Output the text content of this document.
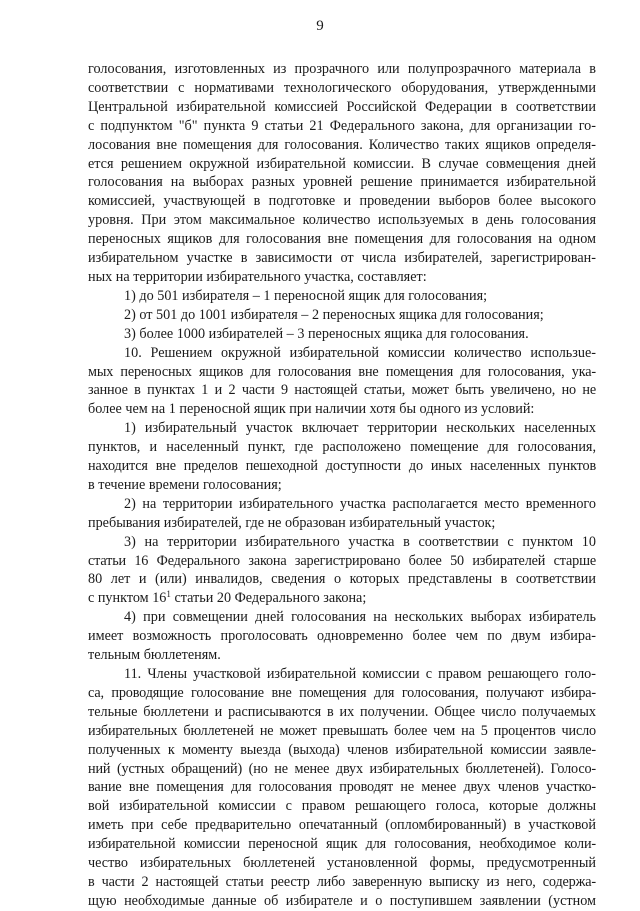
9
голосования, изготовленных из прозрачного или полупрозрачного материала в
соответствии с нормативами технологического оборудования, утвержденными
Центральной избирательной комиссией Российской Федерации в соответствии
с подпунктом "б" пункта 9 статьи 21 Федерального закона, для организации го-
лосования вне помещения для голосования. Количество таких ящиков определя-
ется решением окружной избирательной комиссии. В случае совмещения дней
голосования на выборах разных уровней решение принимается избирательной
комиссией, участвующей в подготовке и проведении выборов более высокого
уровня. При этом максимальное количество используемых в день голосования
переносных ящиков для голосования вне помещения для голосования на одном
избирательном участке в зависимости от числа избирателей, зарегистрирован-
ных на территории избирательного участка, составляет:
1) до 501 избирателя – 1 переносной ящик для голосования;
2) от 501 до 1001 избирателя – 2 переносных ящика для голосования;
3) более 1000 избирателей – 3 переносных ящика для голосования.
10. Решением окружной избирательной комиссии количество использue-
мых переносных ящиков для голосования вне помещения для голосования, ука-
занное в пунктах 1 и 2 части 9 настоящей статьи, может быть увеличено, но не
более чем на 1 переносной ящик при наличии хотя бы одного из условий:
1) избирательный участок включает территории нескольких населенных
пунктов, и населенный пункт, где расположено помещение для голосования,
находится вне пределов пешеходной доступности до иных населенных пунктов
в течение времени голосования;
2) на территории избирательного участка располагается место временного
пребывания избирателей, где не образован избирательный участок;
3) на территории избирательного участка в соответствии с пунктом 10
статьи 16 Федерального закона зарегистрировано более 50 избирателей старше
80 лет и (или) инвалидов, сведения о которых представлены в соответствии
с пунктом $16^1$ статьи 20 Федерального закона;
4) при совмещении дней голосования на нескольких выборах избиратель
имеет возможность проголосовать одновременно более чем по двум избира-
тельным бюллетеням.
11. Члены участковой избирательной комиссии с правом решающего голо-
са, проводящие голосование вне помещения для голосования, получают избира-
тельные бюллетени и расписываются в их получении. Общее число получаемых
избирательных бюллетеней не может превышать более чем на 5 процентов число
полученных к моменту выезда (выхода) членов избирательной комиссии заявле-
ний (устных обращений) (но не менее двух избирательных бюллетеней). Голосо-
вание вне помещения для голосования проводят не менее двух членов участко-
вой избирательной комиссии с правом решающего голоса, которые должны
иметь при себе предварительно опечатанный (опломбированный) в участковой
избирательной комиссии переносной ящик для голосования, необходимое коли-
чество избирательных бюллетеней установленной формы, предусмотренный
в части 2 настоящей статьи реестр либо заверенную выписку из него, содержа-
щую необходимые данные об избирателе и о поступившем заявлении (устном
